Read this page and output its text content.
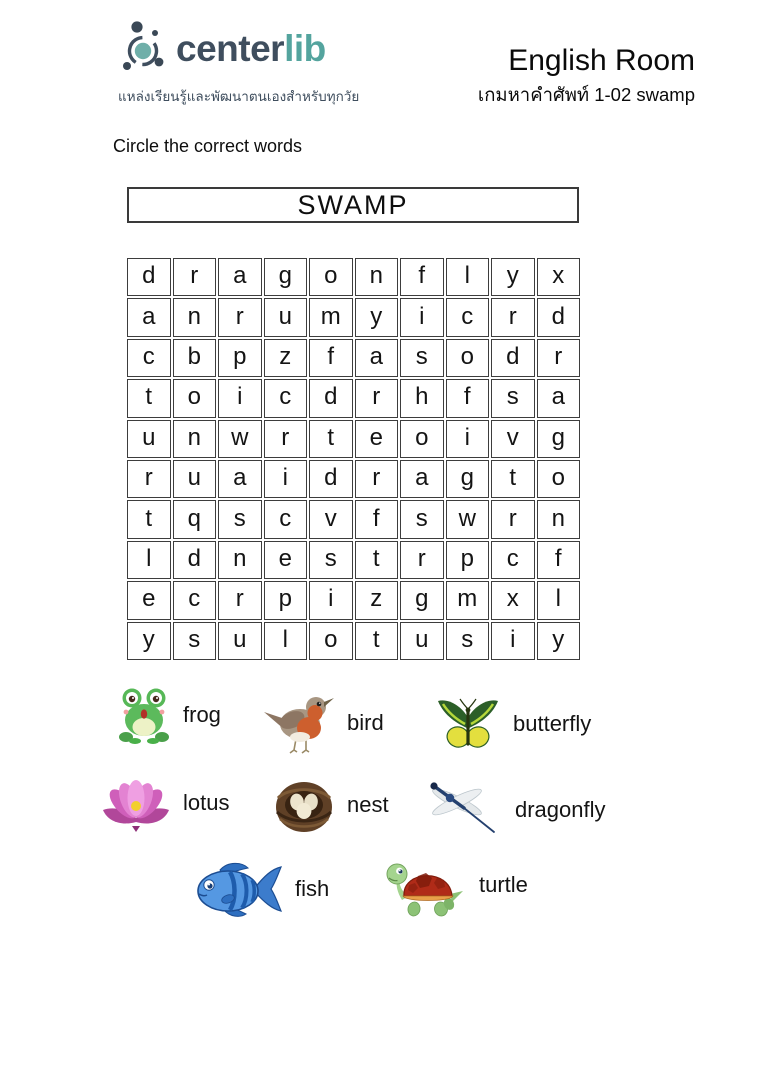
centerlib
แหล่งเรียนรู้และพัฒนาตนเองสำหรับทุกวัย
English Room
เกมหาคำศัพท์ 1-02 swamp
Circle the correct words
SWAMP
d	r	a	g	o	n	f	l	y	x
a	n	r	u	m	y	i	c	r	d
c	b	p	z	f	a	s	o	d	r
t	o	i	c	d	r	h	f	s	a
u	n	w	r	t	e	o	i	v	g
r	u	a	i	d	r	a	g	t	o
t	q	s	c	v	f	s	w	r	n
l	d	n	e	s	t	r	p	c	f
e	c	r	p	i	z	g	m	x	l
y	s	u	l	o	t	u	s	i	y
frog	bird	butterfly
lotus	nest	dragonfly
fish	turtle
